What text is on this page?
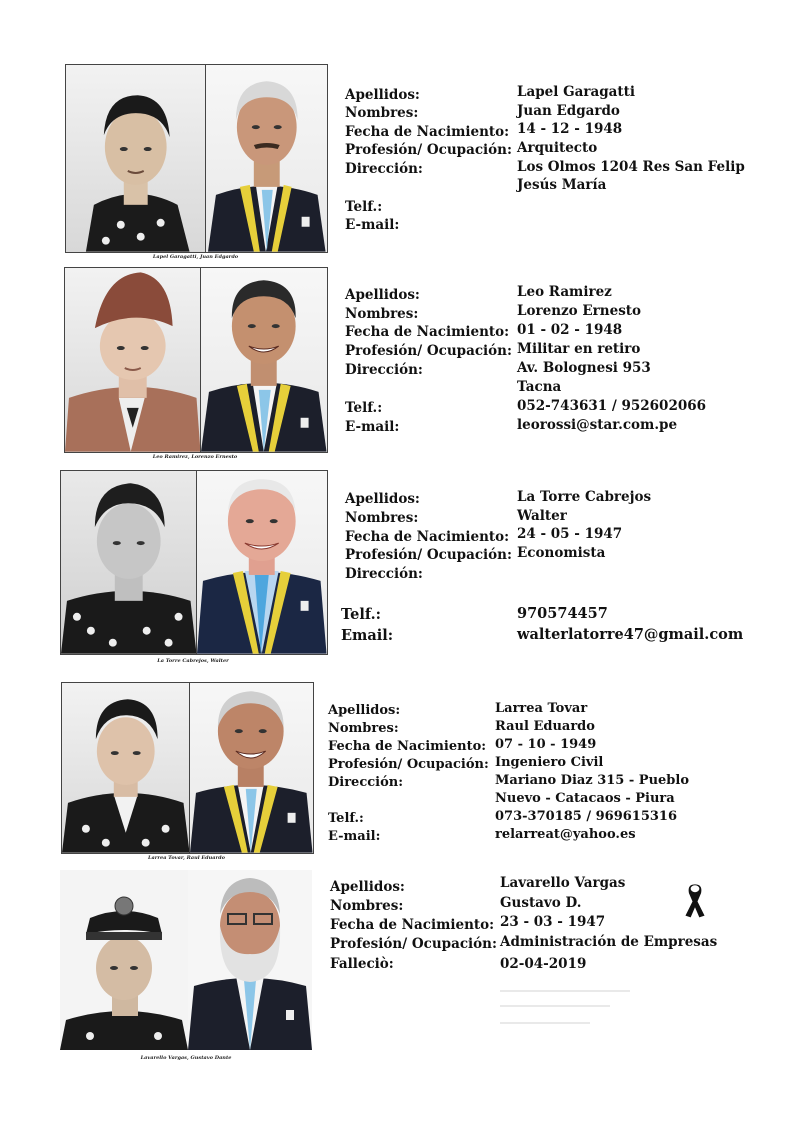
Lapel Garagatti, Juan Edgardo
Apellidos:	Lapel Garagatti
Nombres:	Juan Edgardo
Fecha de Nacimiento: 14 - 12 - 1948
Profesión/ Ocupación: Arquitecto
Dirección:	Los Olmos 1204 Res San Felip
Jesús María
Telf.:
E-mail:
Leo Ramirez, Lorenzo Ernesto
Apellidos:	Leo Ramirez
Nombres:	Lorenzo Ernesto
Fecha de Nacimiento: 01 - 02 - 1948
Profesión/ Ocupación: Militar en retiro
Dirección:	Av. Bolognesi 953
Tacna
Telf.:	052-743631 / 952602066
E-mail:	leorossi@star.com.pe
La Torre Cabrejos, Walter
Apellidos:	La Torre Cabrejos
Nombres:	Walter
Fecha de Nacimiento: 24 - 05 - 1947
Profesión/ Ocupación: Economista
Dirección:
Telf.:	970574457
Email:	walterlatorre47@gmail.com
Larrea Tovar, Raul Eduardo
Apellidos:	Larrea Tovar
Nombres:	Raul Eduardo
Fecha de Nacimiento: 07 - 10 - 1949
Profesión/ Ocupación: Ingeniero Civil
Dirección:	Mariano Diaz 315 - Pueblo
Nuevo - Catacaos - Piura
Telf.:	073-370185 / 969615316
E-mail:	relarreat@yahoo.es
Lavarello Vargas, Gustavo Dante
Apellidos:	Lavarello Vargas
Nombres:	Gustavo D.
Fecha de Nacimiento: 23 - 03 - 1947
Profesión/ Ocupación: Administración de Empresas
Falleciò:	02-04-2019
